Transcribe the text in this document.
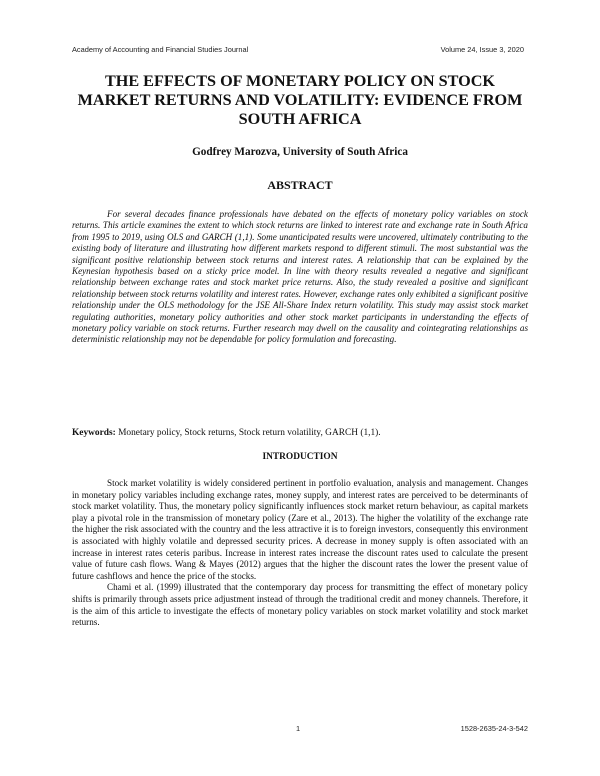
Academy of Accounting and Financial Studies Journal	Volume 24, Issue 3, 2020
THE EFFECTS OF MONETARY POLICY ON STOCK MARKET RETURNS AND VOLATILITY: EVIDENCE FROM SOUTH AFRICA
Godfrey Marozva, University of South Africa
ABSTRACT

For several decades finance professionals have debated on the effects of monetary policy variables on stock returns. This article examines the extent to which stock returns are linked to interest rate and exchange rate in South Africa from 1995 to 2019, using OLS and GARCH (1,1). Some unanticipated results were uncovered, ultimately contributing to the existing body of literature and illustrating how different markets respond to different stimuli. The most substantial was the significant positive relationship between stock returns and interest rates. A relationship that can be explained by the Keynesian hypothesis based on a sticky price model. In line with theory results revealed a negative and significant relationship between exchange rates and stock market price returns. Also, the study revealed a positive and significant relationship between stock returns volatility and interest rates. However, exchange rates only exhibited a significant positive relationship under the OLS methodology for the JSE All-Share Index return volatility. This study may assist stock market regulating authorities, monetary policy authorities and other stock market participants in understanding the effects of monetary policy variable on stock returns. Further research may dwell on the causality and cointegrating relationships as deterministic relationship may not be dependable for policy formulation and forecasting.

Keywords: Monetary policy, Stock returns, Stock return volatility, GARCH (1,1).

INTRODUCTION

Stock market volatility is widely considered pertinent in portfolio evaluation, analysis and management. Changes in monetary policy variables including exchange rates, money supply, and interest rates are perceived to be determinants of stock market volatility. Thus, the monetary policy significantly influences stock market return behaviour, as capital markets play a pivotal role in the transmission of monetary policy (Zare et al., 2013). The higher the volatility of the exchange rate the higher the risk associated with the country and the less attractive it is to foreign investors, consequently this environment is associated with highly volatile and depressed security prices. A decrease in money supply is often associated with an increase in interest rates ceteris paribus. Increase in interest rates increase the discount rates used to calculate the present value of future cash flows. Wang & Mayes (2012) argues that the higher the discount rates the lower the present value of future cashflows and hence the price of the stocks.

Chami et al. (1999) illustrated that the contemporary day process for transmitting the effect of monetary policy shifts is primarily through assets price adjustment instead of through the traditional credit and money channels. Therefore, it is the aim of this article to investigate the effects of monetary policy variables on stock market volatility and stock market returns.

1	1528-2635-24-3-542
